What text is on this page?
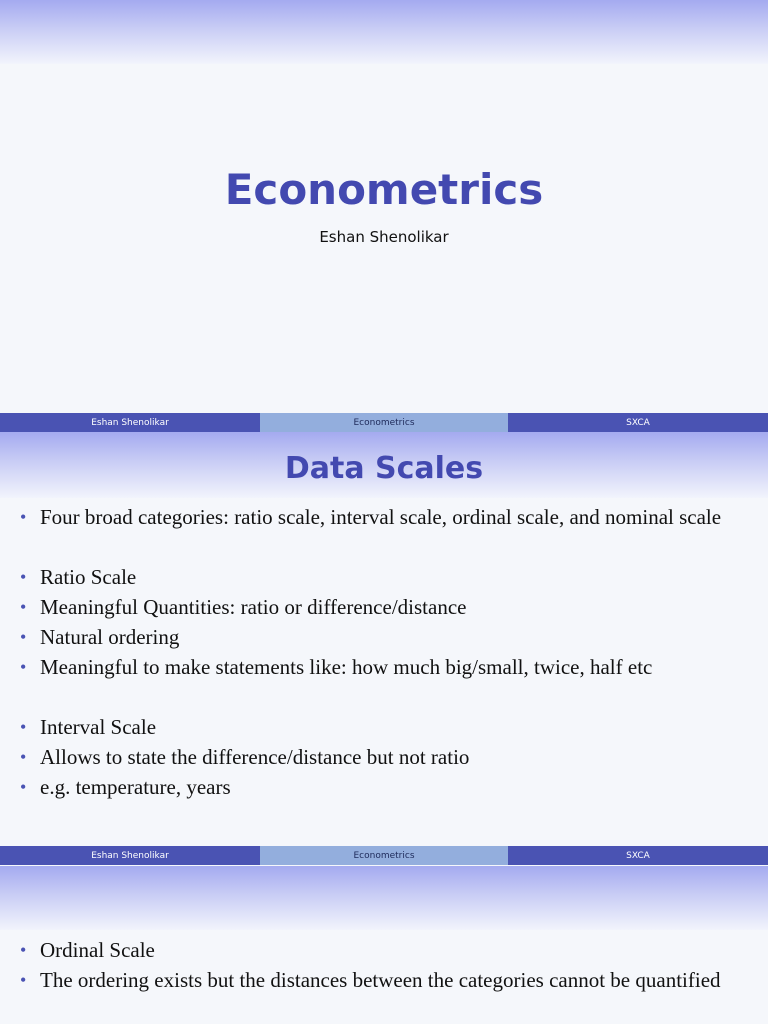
Econometrics
Eshan Shenolikar
Eshan Shenolikar	Econometrics	SXCA
Data Scales
• Four broad categories: ratio scale, interval scale, ordinal scale, and nominal scale
• Ratio Scale
• Meaningful Quantities: ratio or difference/distance
• Natural ordering
• Meaningful to make statements like: how much big/small, twice, half etc
• Interval Scale
• Allows to state the difference/distance but not ratio
• e.g. temperature, years
Eshan Shenolikar	Econometrics	SXCA
• Ordinal Scale
• The ordering exists but the distances between the categories cannot be quantified
